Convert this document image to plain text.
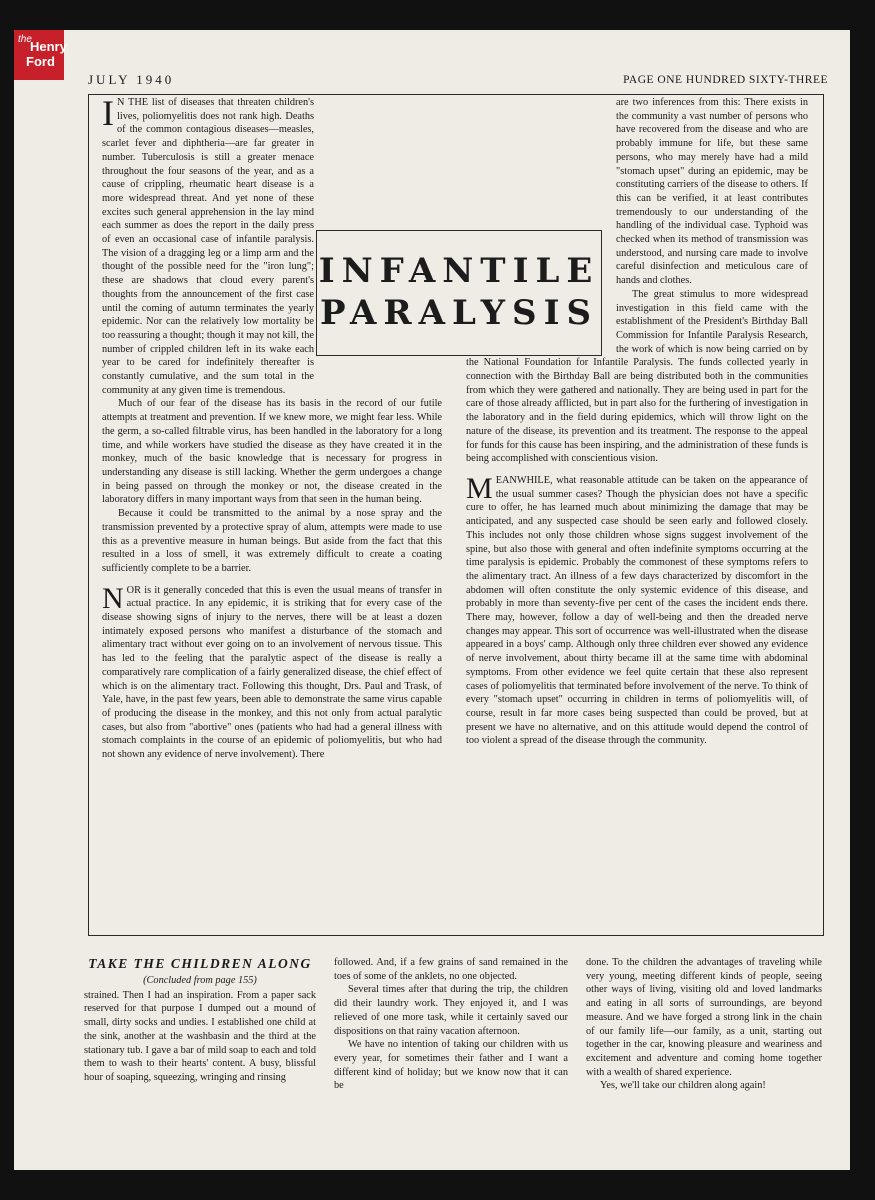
the
Henry
Ford
JULY 1940	PAGE ONE HUNDRED SIXTY-THREE

I N THE list of diseases that threaten children's lives, poliomyelitis does not rank high. Deaths of the common contagious diseases—measles, scarlet fever and diphtheria—are far greater in number. Tuberculosis is still a greater menace throughout the four seasons of the year, and as a cause of crippling, rheumatic heart disease is a more widespread threat. And yet none of these excites such general apprehension in the lay mind each summer as does the report in the daily press of even an occasional case of infantile paralysis. The vision of a dragging leg or a limp arm and the thought of the possible need for the "iron lung"; these are shadows that cloud every parent's thoughts from the announcement of the first case until the coming of autumn terminates the yearly epidemic. Nor can the relatively low mortality be too reassuring a thought; though it may not kill, the number of crippled children left in its wake each year to be cared for indefinitely thereafter is constantly cumulative, and the sum total in the community at any given time is tremendous.

Much of our fear of the disease has its basis in the record of our futile attempts at treatment and prevention. If we knew more, we might fear less. While the germ, a so-called filtrable virus, has been handled in the laboratory for a long time, and while workers have studied the disease as they have created it in the monkey, much of the basic knowledge that is necessary for progress in understanding any disease is still lacking. Whether the germ undergoes a change in being passed on through the monkey or not, the disease created in the laboratory differs in many important ways from that seen in the human being.

Because it could be transmitted to the animal by a nose spray and the transmission prevented by a protective spray of alum, attempts were made to use this as a preventive measure in human beings. But aside from the fact that this resulted in a loss of smell, it was extremely difficult to create a coating sufficiently complete to be a barrier.

NOR is it generally conceded that this is even the usual means of transfer in actual practice. In any epidemic, it is striking that for every case of the disease showing signs of injury to the nerves, there will be at least a dozen intimately exposed persons who manifest a disturbance of the stomach and alimentary tract without ever going on to an involvement of nervous tissue. This has led to the feeling that the paralytic aspect of the disease is really a comparatively rare complication of a fairly generalized disease, the chief effect of which is on the alimentary tract. Following this thought, Drs. Paul and Trask, of Yale, have, in the past few years, been able to demonstrate the same virus capable of producing the disease in the monkey, and this not only from actual paralytic cases, but also from "abortive" ones (patients who had had a general illness with stomach complaints in the course of an epidemic of poliomyelitis, but who had not shown any evidence of nerve involvement). There

are two inferences from this: There exists in the community a vast number of persons who have recovered from the disease and who are probably immune for life, but these same persons, who may merely have had a mild "stomach upset" during an epidemic, may be constituting carriers of the disease to others. If this can be verified, it at least contributes tremendously to our understanding of the handling of the individual case. Typhoid was checked when its method of transmission was understood, and nursing care made to involve careful disinfection and meticulous care of hands and clothes.

The great stimulus to more widespread investigation in this field came with the establishment of the President's Birthday Ball Commission for Infantile Paralysis Research, the work of which is now being carried on by the National Foundation for Infantile Paralysis. The funds collected yearly in connection with the Birthday Ball are being distributed both in the communities from which they were gathered and nationally. They are being used in part for the care of those already afflicted, but in part also for the furthering of investigation in the laboratory and in the field during epidemics, which will throw light on the nature of the disease, its prevention and its treatment. The response to the appeal for funds for this cause has been inspiring, and the administration of these funds is being accomplished with conscientious vision.

MEANWHILE, what reasonable attitude can be taken on the appearance of the usual summer cases? Though the physician does not have a specific cure to offer, he has learned much about minimizing the damage that may be anticipated, and any suspected case should be seen early and followed closely. This includes not only those children whose signs suggest involvement of the spine, but also those with general and often indefinite symptoms occurring at the time paralysis is epidemic. Probably the commonest of these symptoms refers to the alimentary tract. An illness of a few days characterized by discomfort in the abdomen will often constitute the only systemic evidence of this disease, and probably in more than seventy-five per cent of the cases the incident ends there. There may, however, follow a day of well-being and then the dreaded nerve changes may appear. This sort of occurrence was well-illustrated when the disease appeared in a boys' camp. Although only three children ever showed any evidence of nerve involvement, about thirty became ill at the same time with abdominal symptoms. From other evidence we feel quite certain that these also represent cases of poliomyelitis that terminated before involvement of the nerve. To think of every "stomach upset" occurring in children in terms of poliomyelitis will, of course, result in far more cases being suspected than could be proved, but at present we have no alternative, and on this attitude would depend the control of too violent a spread of the disease through the community.

INFANTILE
PARALYSIS
TAKE THE CHILDREN ALONG
(Concluded from page 155)

strained. Then I had an inspiration. From a paper sack reserved for that purpose I dumped out a mound of small, dirty socks and undies. I established one child at the sink, another at the washbasin and the third at the stationary tub. I gave a bar of mild soap to each and told them to wash to their hearts' content. A busy, blissful hour of soaping, squeezing, wringing and rinsing

followed. And, if a few grains of sand remained in the toes of some of the anklets, no one objected.

Several times after that during the trip, the children did their laundry work. They enjoyed it, and I was relieved of one more task, while it certainly saved our dispositions on that rainy vacation afternoon.

We have no intention of taking our children with us every year, for sometimes their father and I want a different kind of holiday; but we know now that it can be

done. To the children the advantages of traveling while very young, meeting different kinds of people, seeing other ways of living, visiting old and loved landmarks and eating in all sorts of surroundings, are beyond measure. And we have forged a strong link in the chain of our family life—our family, as a unit, starting out together in the car, knowing pleasure and weariness and excitement and adventure and coming home together with a wealth of shared experience.

Yes, we'll take our children along again!
